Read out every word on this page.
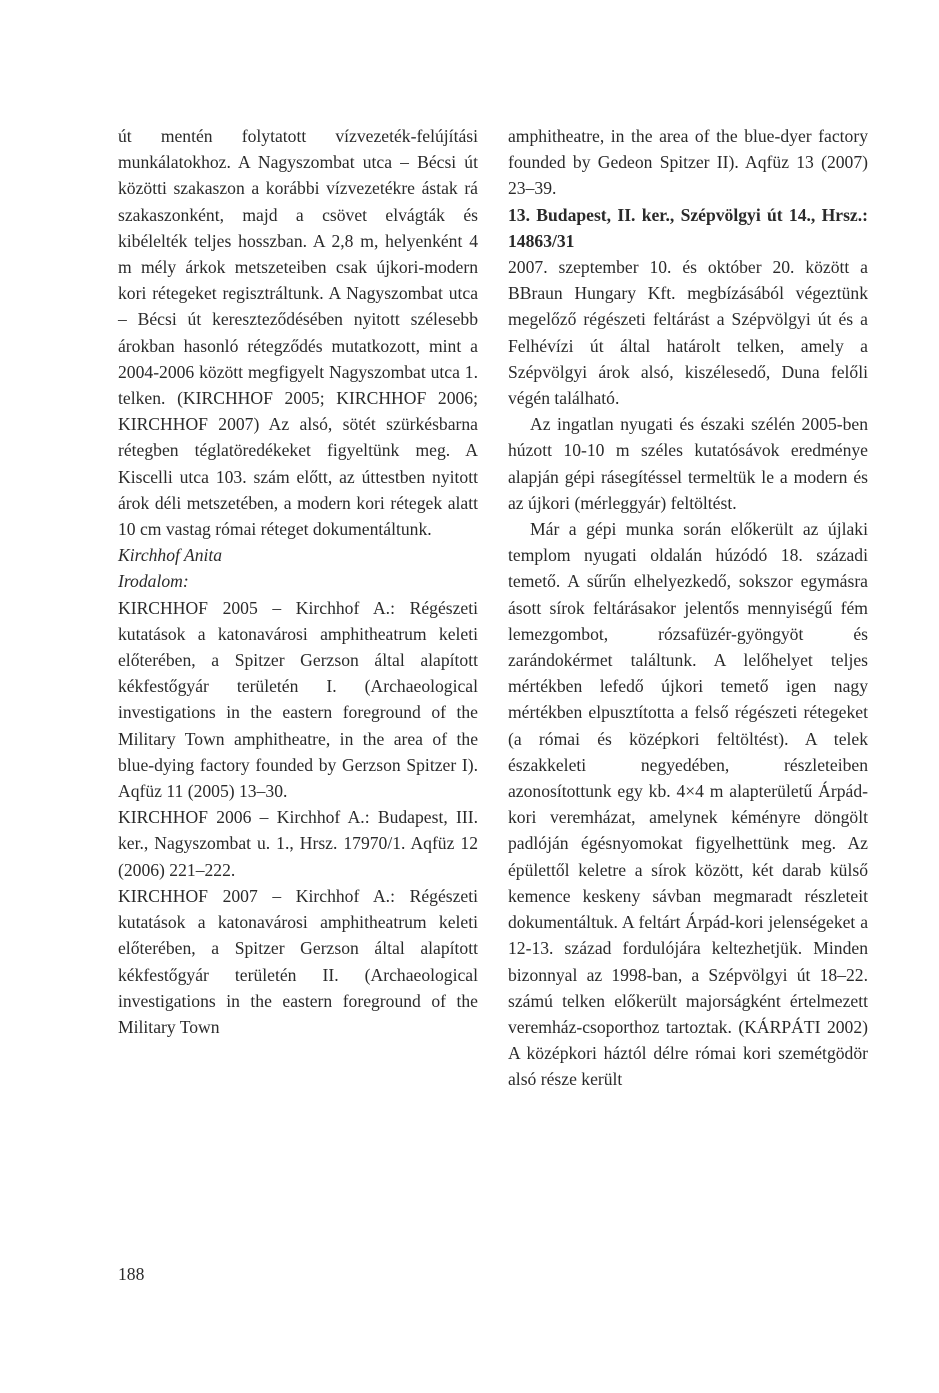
út mentén folytatott vízvezeték-felújítási munkálatokhoz. A Nagyszombat utca – Bécsi út közötti szakaszon a korábbi vízvezetékre ástak rá szakaszonként, majd a csövet elvágták és kibélelték teljes hosszban. A 2,8 m, helyenként 4 m mély árkok metszeteiben csak újkori-modern kori rétegeket regisztráltunk. A Nagyszombat utca – Bécsi út kereszteződésében nyitott szélesebb árokban hasonló rétegződés mutatkozott, mint a 2004-2006 között megfigyelt Nagyszombat utca 1. telken. (KIRCHHOF 2005; KIRCHHOF 2006; KIRCHHOF 2007) Az alsó, sötét szürkésbarna rétegben téglatöredékeket figyeltünk meg. A Kiscelli utca 103. szám előtt, az úttestben nyitott árok déli metszetében, a modern kori rétegek alatt 10 cm vastag római réteget dokumentáltunk.

Kirchhof Anita

Irodalom:

KIRCHHOF 2005 – Kirchhof A.: Régészeti kutatások a katonavárosi amphitheatrum keleti előterében, a Spitzer Gerzson által alapított kékfestőgyár területén I. (Archaeological investigations in the eastern foreground of the Military Town amphitheatre, in the area of the blue-dying factory founded by Gerzson Spitzer I). Aqfüz 11 (2005) 13–30.

KIRCHHOF 2006 – Kirchhof A.: Budapest, III. ker., Nagyszombat u. 1., Hrsz. 17970/1. Aqfüz 12 (2006) 221–222.

KIRCHHOF 2007 – Kirchhof A.: Régészeti kutatások a katonavárosi amphitheatrum keleti előterében, a Spitzer Gerzson által alapított kékfestőgyár területén II. (Archaeological investigations in the eastern foreground of the Military Town

amphitheatre, in the area of the blue-dyer factory founded by Gedeon Spitzer II). Aqfüz 13 (2007) 23–39.

13. Budapest, II. ker., Szépvölgyi út 14., Hrsz.: 14863/31

2007. szeptember 10. és október 20. között a BBraun Hungary Kft. megbízásából végeztünk megelőző régészeti feltárást a Szépvölgyi út és a Felhévízi út által határolt telken, amely a Szépvölgyi árok alsó, kiszélesedő, Duna felőli végén található.

Az ingatlan nyugati és északi szélén 2005-ben húzott 10-10 m széles kutatósávok eredménye alapján gépi rásegítéssel termeltük le a modern és az újkori (mérleggyár) feltöltést.

Már a gépi munka során előkerült az újlaki templom nyugati oldalán húzódó 18. századi temető. A sűrűn elhelyezkedő, sokszor egymásra ásott sírok feltárásakor jelentős mennyiségű fém lemezgombot, rózsafüzér-gyöngyöt és zarándokérmet találtunk. A lelőhelyet teljes mértékben lefedő újkori temető igen nagy mértékben elpusztította a felső régészeti rétegeket (a római és középkori feltöltést). A telek északkeleti negyedében, részleteiben azonosítottunk egy kb. 4×4 m alapterületű Árpád-kori veremházat, amelynek kéményre döngölt padlóján égésnyomokat figyelhettünk meg. Az épülettől keletre a sírok között, két darab külső kemence keskeny sávban megmaradt részleteit dokumentáltuk. A feltárt Árpád-kori jelenségeket a 12-13. század fordulójára keltezhetjük. Minden bizonnyal az 1998-ban, a Szépvölgyi út 18–22. számú telken előkerült majorságként értelmezett veremház-csoporthoz tartoztak. (KÁRPÁTI 2002) A középkori háztól délre római kori szemétgödör alsó része került

188
